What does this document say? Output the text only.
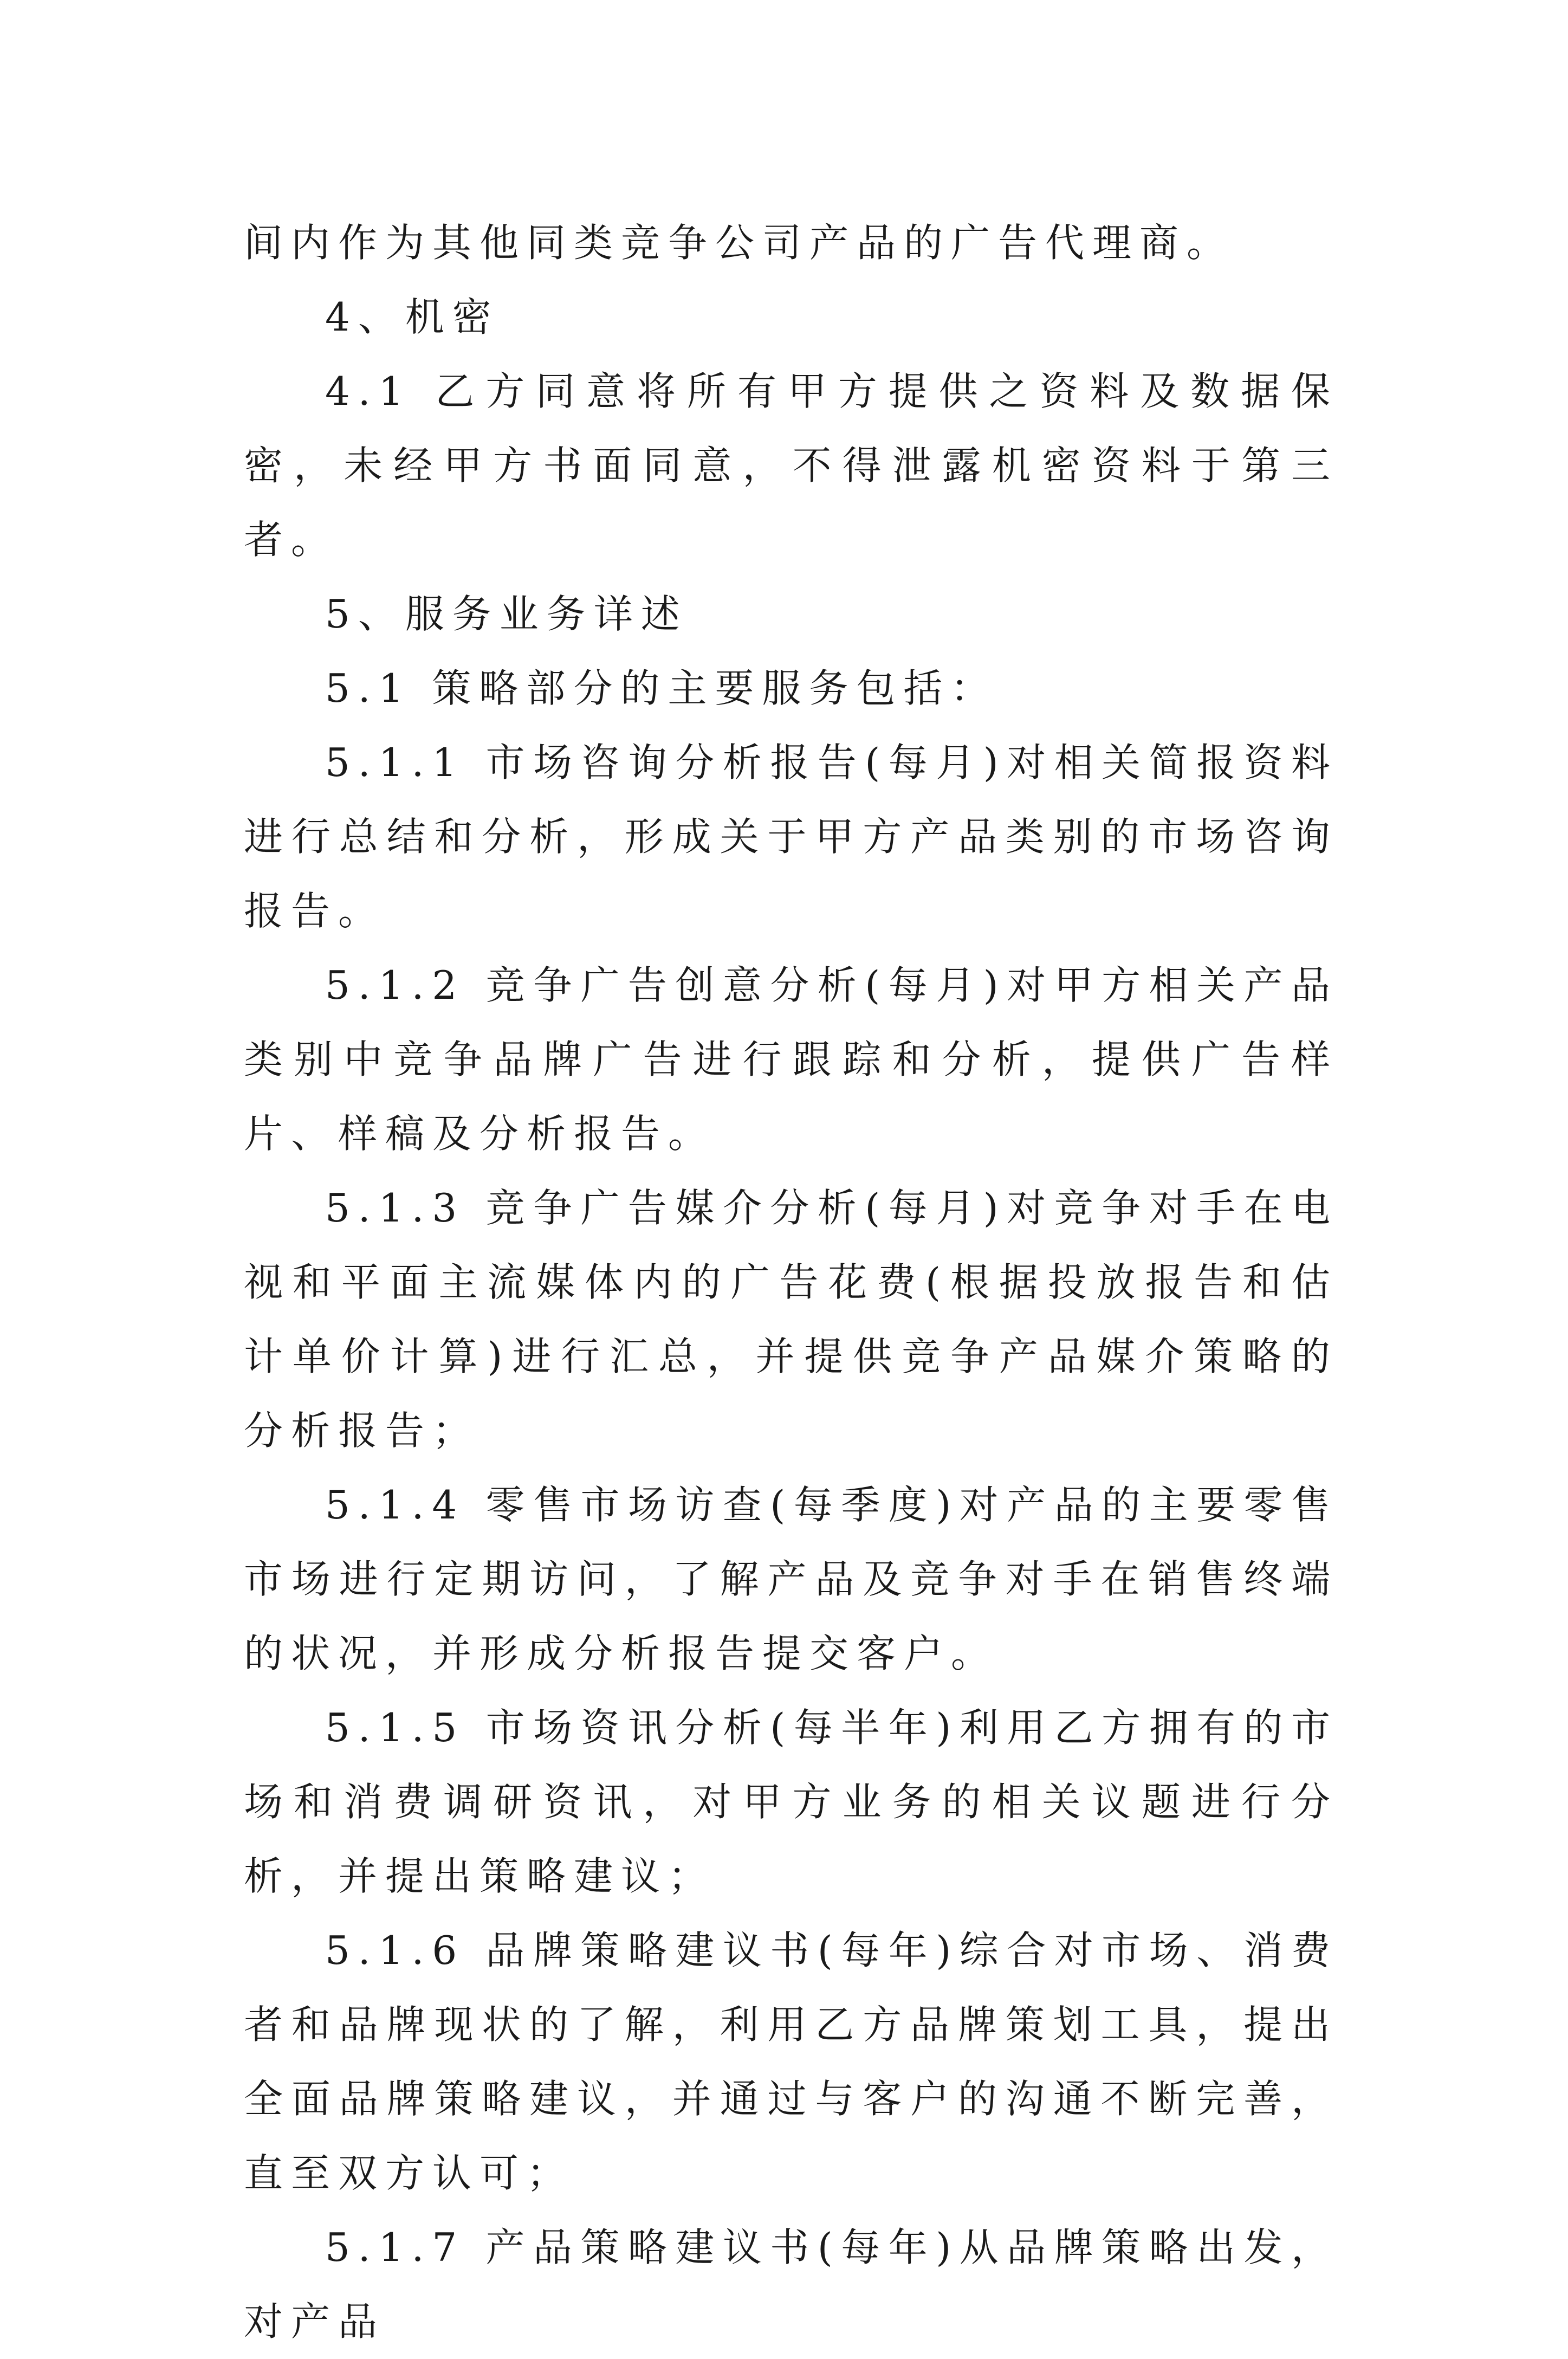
间内作为其他同类竞争公司产品的广告代理商。

4、机密

4.1 乙方同意将所有甲方提供之资料及数据保密，未经甲方书面同意，不得泄露机密资料于第三者。

5、服务业务详述

5.1 策略部分的主要服务包括：

5.1.1 市场咨询分析报告(每月)对相关简报资料进行总结和分析，形成关于甲方产品类别的市场咨询报告。

5.1.2 竞争广告创意分析(每月)对甲方相关产品类别中竞争品牌广告进行跟踪和分析，提供广告样片、样稿及分析报告。

5.1.3 竞争广告媒介分析(每月)对竞争对手在电视和平面主流媒体内的广告花费(根据投放报告和估计单价计算)进行汇总，并提供竞争产品媒介策略的分析报告；

5.1.4 零售市场访查(每季度)对产品的主要零售市场进行定期访问，了解产品及竞争对手在销售终端的状况，并形成分析报告提交客户。

5.1.5 市场资讯分析(每半年)利用乙方拥有的市场和消费调研资讯，对甲方业务的相关议题进行分析，并提出策略建议；

5.1.6 品牌策略建议书(每年)综合对市场、消费者和品牌现状的了解，利用乙方品牌策划工具，提出全面品牌策略建议，并通过与客户的沟通不断完善，直至双方认可；

5.1.7 产品策略建议书(每年)从品牌策略出发，对产品
